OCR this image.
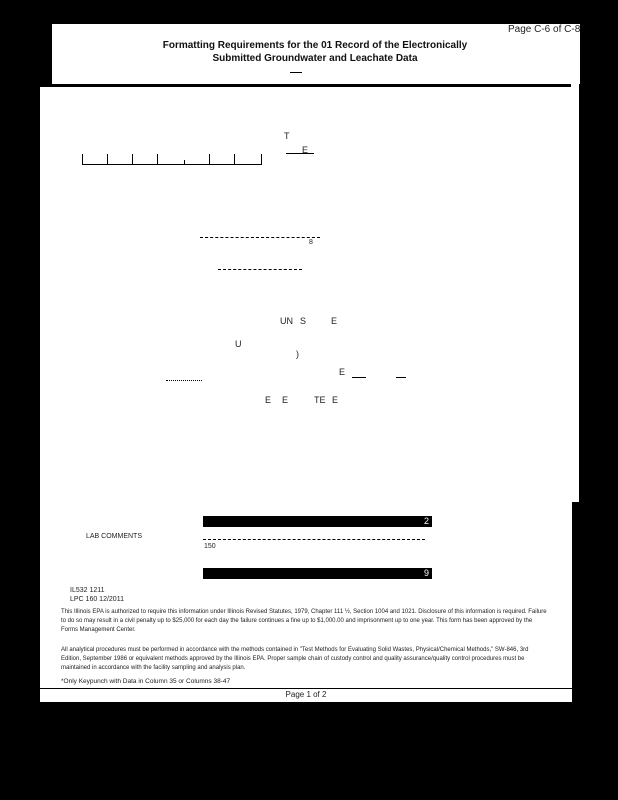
Page C-6 of C-8
Formatting Requirements for the 01 Record of the Electronically
Submitted Groundwater and Leachate Data
T
E
8
UN S	E
U
)
E
E E	TE E
2
LAB COMMENTS
150
9
IL532 1211
LPC 160 12/2011
This Illinois EPA is authorized to require this information under Illinois Revised Statutes, 1979, Chapter 111 ½, Section 1004 and 1021. Disclosure of this information is required. Failure to do so may result in a civil penalty up to $25,000 for each day the failure continues a fine up to $1,000.00 and imprisonment up to one year. This form has been approved by the Forms Management Center.
All analytical procedures must be performed in accordance with the methods contained in "Test Methods for Evaluating Solid Wastes, Physical/Chemical Methods," SW-846, 3rd Edition, September 1986 or equivalent methods approved by the Illinois EPA. Proper sample chain of custody control and quality assurance/quality control procedures must be maintained in accordance with the facility sampling and analysis plan.
*Only Keypunch with Data in Column 35 or Columns 38-47
Page 1 of 2
